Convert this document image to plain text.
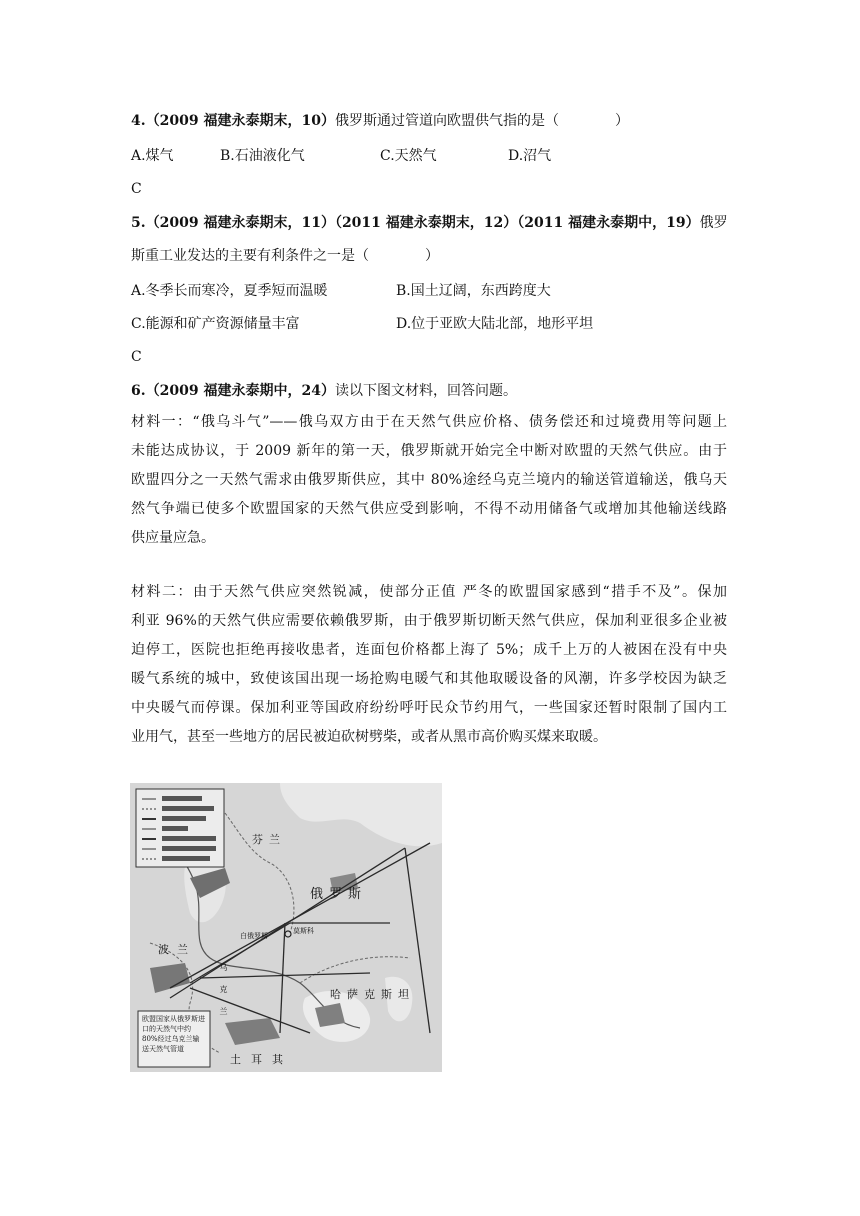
4.（2009 福建永泰期末，10）俄罗斯通过管道向欧盟供气指的是（　　　　）
A.煤气	B.石油液化气	C.天然气	D.沼气
C
5.（2009 福建永泰期末，11）（2011 福建永泰期末，12）（2011 福建永泰期中，19）俄罗
斯重工业发达的主要有利条件之一是（　　　　）
A.冬季长而寒冷，夏季短而温暖	B.国土辽阔，东西跨度大
C.能源和矿产资源储量丰富	D.位于亚欧大陆北部，地形平坦
C
6.（2009 福建永泰期中，24）读以下图文材料，回答问题。
材料一：“俄乌斗气”——俄乌双方由于在天然气供应价格、债务偿还和过境费用等问题上
未能达成协议，于 2009 新年的第一天，俄罗斯就开始完全中断对欧盟的天然气供应。由于
欧盟四分之一天然气需求由俄罗斯供应，其中 80%途经乌克兰境内的输送管道输送，俄乌天
然气争端已使多个欧盟国家的天然气供应受到影响，不得不动用储备气或增加其他输送线路
供应量应急。
材料二：由于天然气供应突然锐减，使部分正值 严冬的欧盟国家感到“措手不及”。保加
利亚 96%的天然气供应需要依赖俄罗斯，由于俄罗斯切断天然气供应，保加利亚很多企业被
迫停工，医院也拒绝再接收患者，连面包价格都上海了 5%；成千上万的人被困在没有中央
暖气系统的城中，致使该国出现一场抢购电暖气和其他取暖设备的风潮，许多学校因为缺乏
中央暖气而停课。保加利亚等国政府纷纷呼吁民众节约用气，一些国家还暂时限制了国内工
业用气，甚至一些地方的居民被迫砍树劈柴，或者从黑市高价购买煤来取暖。
芬兰
俄罗斯
波兰
哈萨克斯坦
土耳其
莫斯科
白俄罗斯
乌克兰
欧盟国家从俄罗斯进口的天然气中约80%经过乌克兰输送天然气管道
